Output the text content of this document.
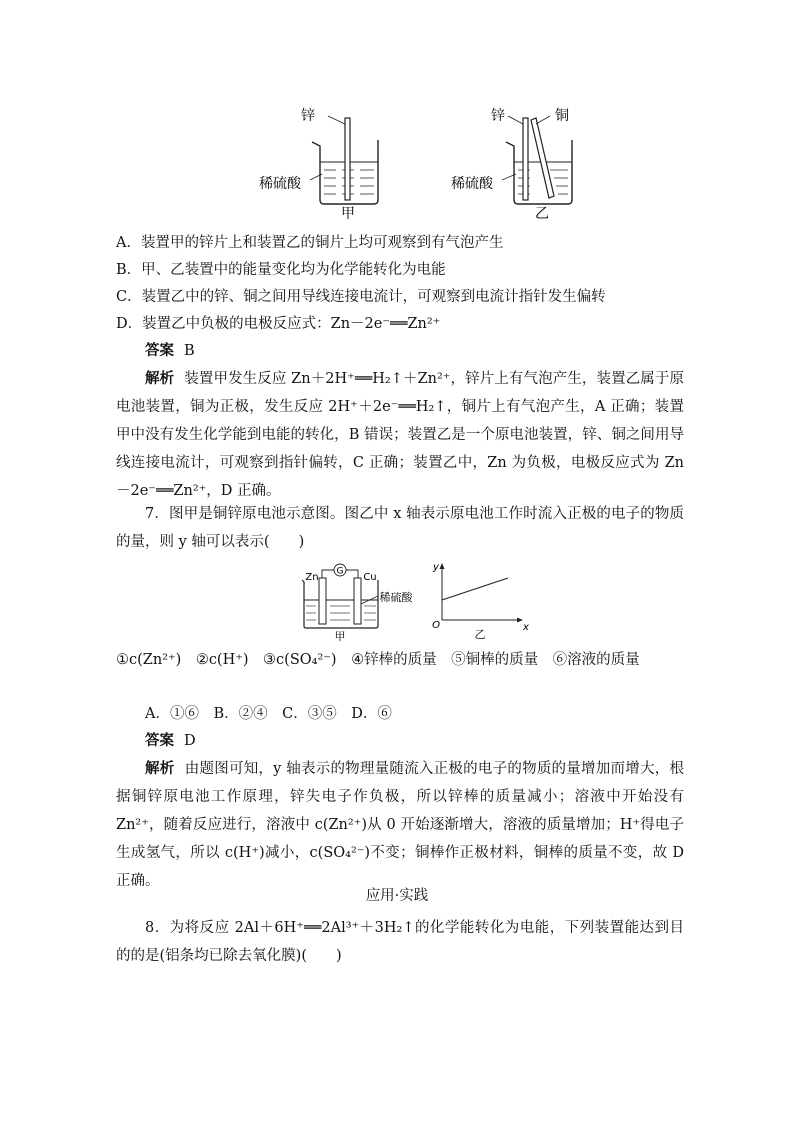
锌
稀硫酸
甲
锌	铜
稀硫酸
乙
A．装置甲的锌片上和装置乙的铜片上均可观察到有气泡产生
B．甲、乙装置中的能量变化均为化学能转化为电能
C．装置乙中的锌、铜之间用导线连接电流计，可观察到电流计指针发生偏转
D．装置乙中负极的电极反应式：Zn－2e⁻══Zn²⁺
答案 B
解析 装置甲发生反应 Zn＋2H⁺══H₂↑＋Zn²⁺，锌片上有气泡产生，装置乙属于原电池装置，铜为正极，发生反应 2H⁺＋2e⁻══H₂↑，铜片上有气泡产生，A 正确；装置甲中没有发生化学能到电能的转化，B 错误；装置乙是一个原电池装置，锌、铜之间用导线连接电流计，可观察到指针偏转，C 正确；装置乙中，Zn 为负极，电极反应式为 Zn－2e⁻══Zn²⁺，D 正确。
7．图甲是铜锌原电池示意图。图乙中 x 轴表示原电池工作时流入正极的电子的物质的量，则 y 轴可以表示(　　)
Zn
G
Cu
稀硫酸
甲
y
x
O
乙
①c(Zn²⁺)　②c(H⁺)　③c(SO₄²⁻)　④锌棒的质量　⑤铜棒的质量　⑥溶液的质量
A．①⑥　B．②④　C．③⑤　D．⑥
答案 D
解析 由题图可知，y 轴表示的物理量随流入正极的电子的物质的量增加而增大，根据铜锌原电池工作原理，锌失电子作负极，所以锌棒的质量减小；溶液中开始没有 Zn²⁺，随着反应进行，溶液中 c(Zn²⁺)从 0 开始逐渐增大，溶液的质量增加；H⁺得电子生成氢气，所以 c(H⁺)减小，c(SO₄²⁻)不变；铜棒作正极材料，铜棒的质量不变，故 D 正确。
应用·实践
8．为将反应 2Al＋6H⁺══2Al³⁺＋3H₂↑的化学能转化为电能，下列装置能达到目的的是(铝条均已除去氧化膜)(　　)
